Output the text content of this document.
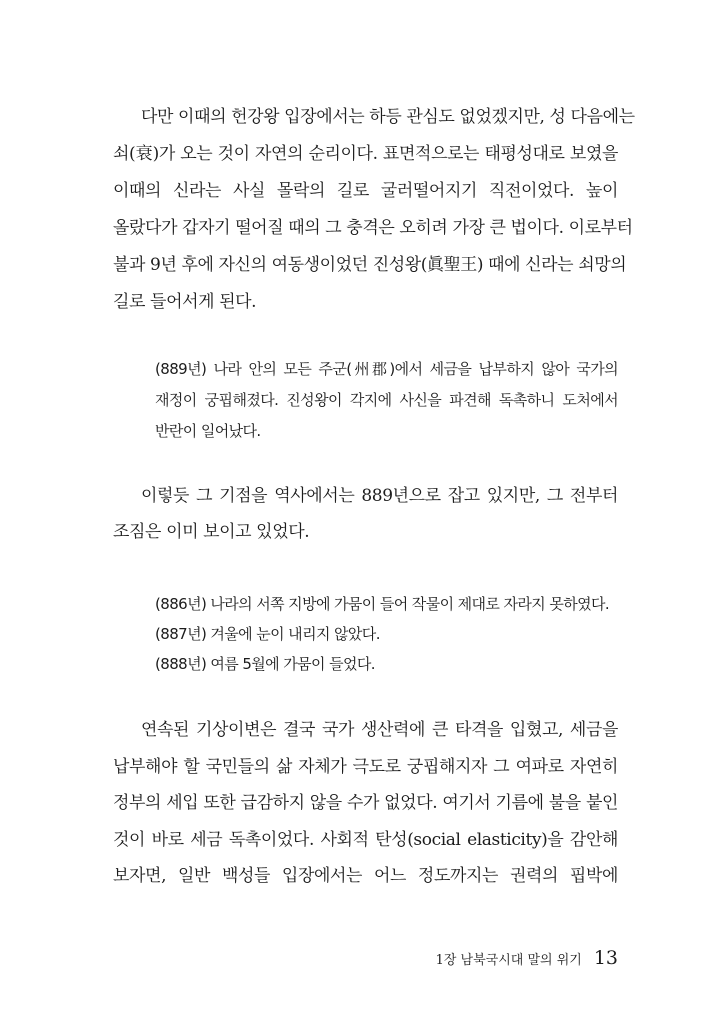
다만 이때의 헌강왕 입장에서는 하등 관심도 없었겠지만, 성 다음에는
쇠(衰)가 오는 것이 자연의 순리이다. 표면적으로는 태평성대로 보였을
이때의 신라는 사실 몰락의 길로 굴러떨어지기 직전이었다. 높이
올랐다가 갑자기 떨어질 때의 그 충격은 오히려 가장 큰 법이다. 이로부터
불과 9년 후에 자신의 여동생이었던 진성왕(眞聖王) 때에 신라는 쇠망의
길로 들어서게 된다.
(889년) 나라 안의 모든 주군(州郡)에서 세금을 납부하지 않아 국가의
재정이 궁핍해졌다. 진성왕이 각지에 사신을 파견해 독촉하니 도처에서
반란이 일어났다.
이렇듯 그 기점을 역사에서는 889년으로 잡고 있지만, 그 전부터
조짐은 이미 보이고 있었다.
(886년) 나라의 서쪽 지방에 가뭄이 들어 작물이 제대로 자라지 못하였다.
(887년) 겨울에 눈이 내리지 않았다.
(888년) 여름 5월에 가뭄이 들었다.
연속된 기상이변은 결국 국가 생산력에 큰 타격을 입혔고, 세금을
납부해야 할 국민들의 삶 자체가 극도로 궁핍해지자 그 여파로 자연히
정부의 세입 또한 급감하지 않을 수가 없었다. 여기서 기름에 불을 붙인
것이 바로 세금 독촉이었다. 사회적 탄성(social elasticity)을 감안해
보자면, 일반 백성들 입장에서는 어느 정도까지는 권력의 핍박에
1장 남북국시대 말의 위기 13
